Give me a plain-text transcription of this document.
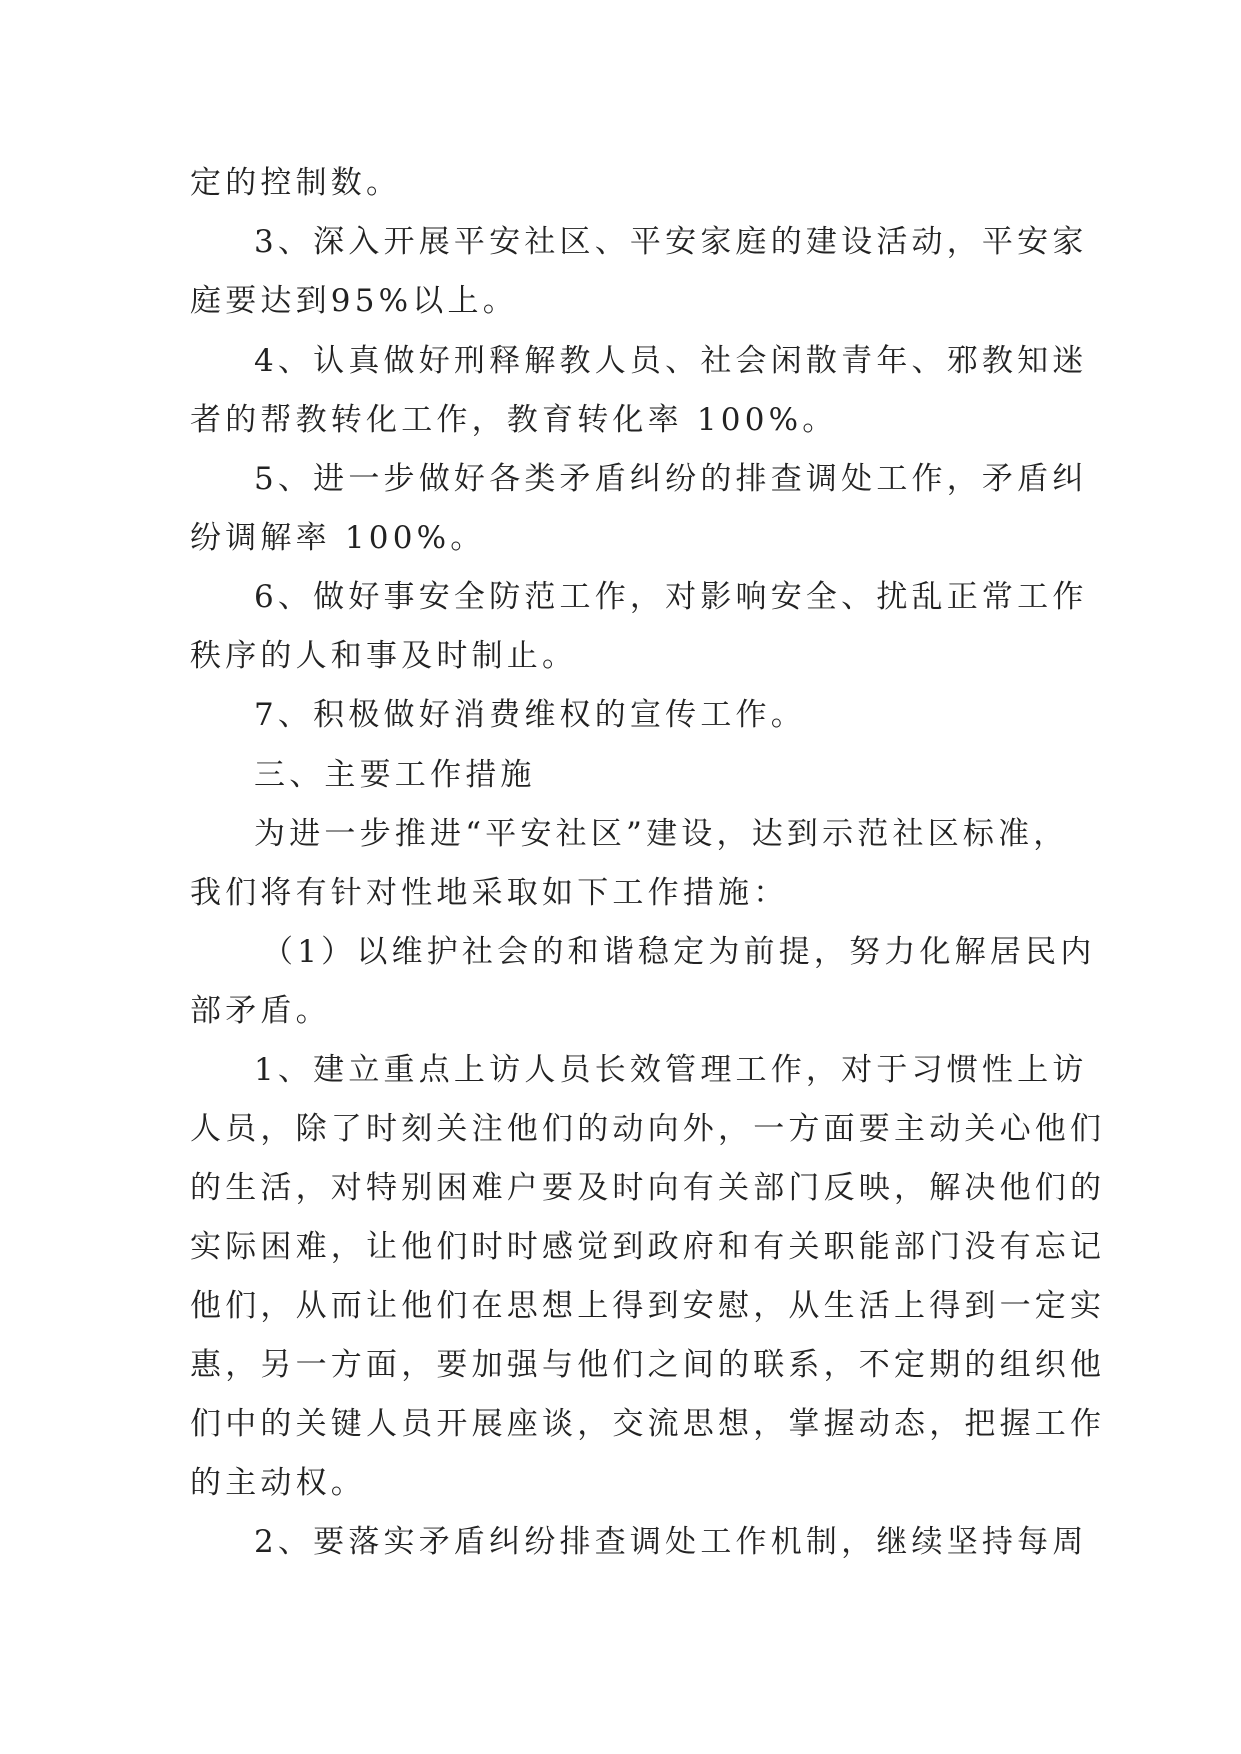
定的控制数。
3、深入开展平安社区、平安家庭的建设活动，平安家
庭要达到95%以上。
4、认真做好刑释解教人员、社会闲散青年、邪教知迷
者的帮教转化工作，教育转化率 100%。
5、进一步做好各类矛盾纠纷的排查调处工作，矛盾纠
纷调解率 100%。
6、做好事安全防范工作，对影响安全、扰乱正常工作
秩序的人和事及时制止。
7、积极做好消费维权的宣传工作。
三、主要工作措施
为进一步推进“平安社区”建设，达到示范社区标准，
我们将有针对性地采取如下工作措施：
（1）以维护社会的和谐稳定为前提，努力化解居民内
部矛盾。
1、建立重点上访人员长效管理工作，对于习惯性上访
人员，除了时刻关注他们的动向外，一方面要主动关心他们
的生活，对特别困难户要及时向有关部门反映，解决他们的
实际困难，让他们时时感觉到政府和有关职能部门没有忘记
他们，从而让他们在思想上得到安慰，从生活上得到一定实
惠，另一方面，要加强与他们之间的联系，不定期的组织他
们中的关键人员开展座谈，交流思想，掌握动态，把握工作
的主动权。
2、要落实矛盾纠纷排查调处工作机制，继续坚持每周
